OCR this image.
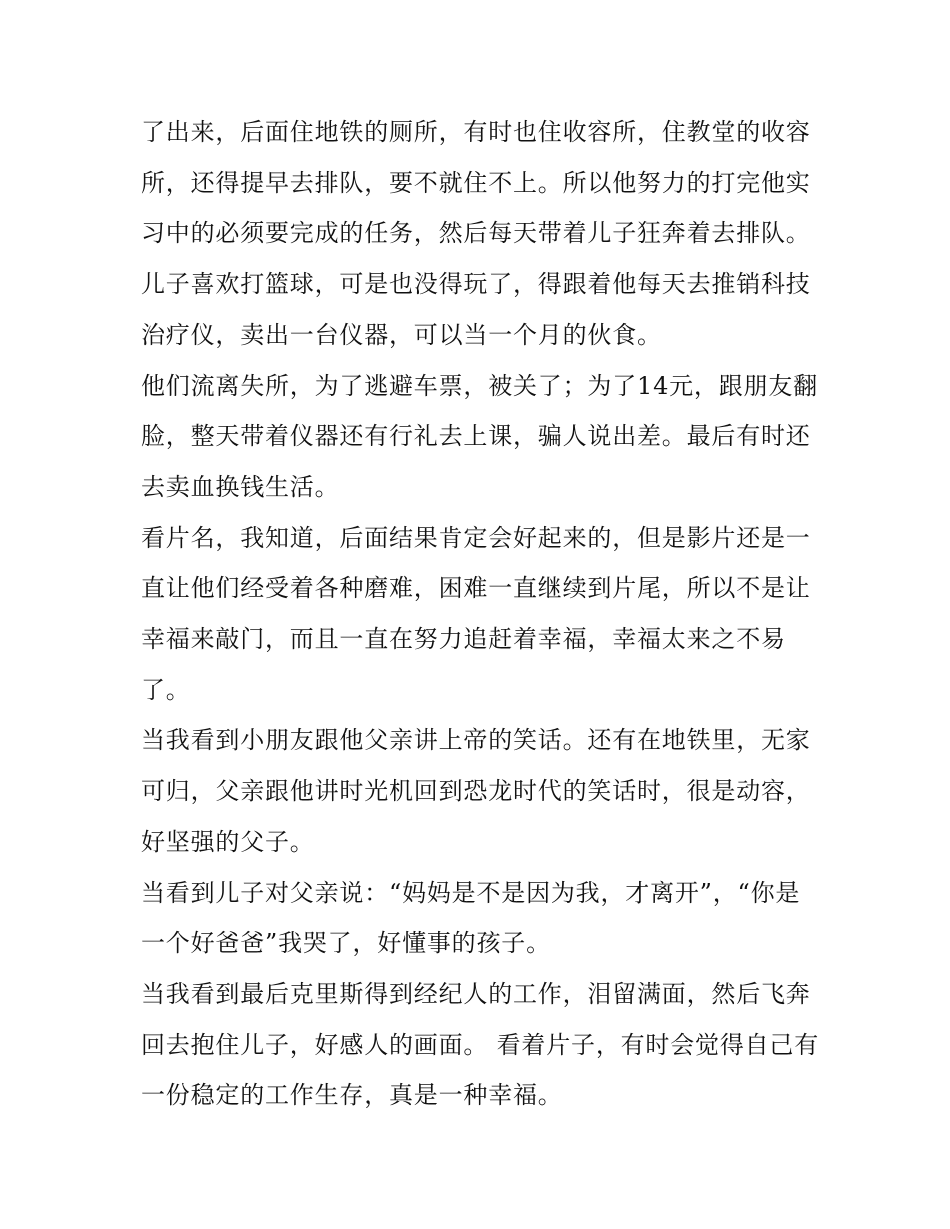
了出来，后面住地铁的厕所，有时也住收容所，住教堂的收容所，还得提早去排队，要不就住不上。所以他努力的打完他实习中的必须要完成的任务，然后每天带着儿子狂奔着去排队。儿子喜欢打篮球，可是也没得玩了，得跟着他每天去推销科技治疗仪，卖出一台仪器，可以当一个月的伙食。

他们流离失所，为了逃避车票，被关了；为了14元，跟朋友翻脸，整天带着仪器还有行礼去上课，骗人说出差。最后有时还去卖血换钱生活。

看片名，我知道，后面结果肯定会好起来的，但是影片还是一直让他们经受着各种磨难，困难一直继续到片尾，所以不是让幸福来敲门，而且一直在努力追赶着幸福，幸福太来之不易了。

当我看到小朋友跟他父亲讲上帝的笑话。还有在地铁里，无家可归，父亲跟他讲时光机回到恐龙时代的笑话时，很是动容，好坚强的父子。

当看到儿子对父亲说：“妈妈是不是因为我，才离开”，“你是一个好爸爸”我哭了，好懂事的孩子。

当我看到最后克里斯得到经纪人的工作，泪留满面，然后飞奔回去抱住儿子，好感人的画面。 看着片子，有时会觉得自己有一份稳定的工作生存，真是一种幸福。
